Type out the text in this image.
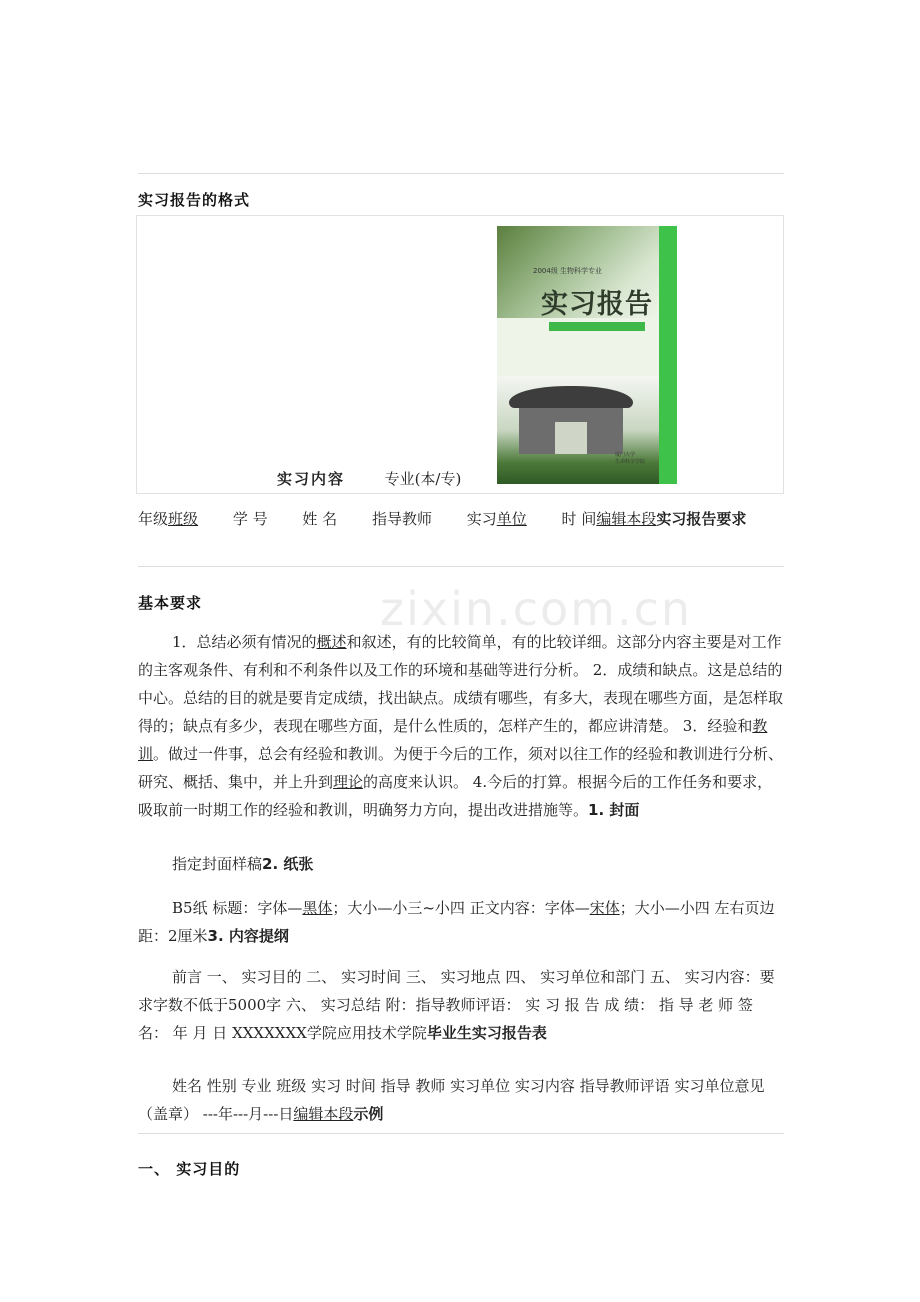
实习报告的格式
2004级 生物科学专业
实习报告
厦门大学
生命科学学院
实习内容	专业(本/专)
年级班级 学 号 姓 名 指导教师 实习单位 时 间编辑本段实习报告要求
基本要求	zixin.com.cn
1．总结必须有情况的概述和叙述，有的比较简单，有的比较详细。这部分内容主要是对工作的主客观条件、有利和不利条件以及工作的环境和基础等进行分析。 2．成绩和缺点。这是总结的中心。总结的目的就是要肯定成绩，找出缺点。成绩有哪些，有多大，表现在哪些方面，是怎样取得的；缺点有多少，表现在哪些方面，是什么性质的，怎样产生的，都应讲清楚。 3．经验和教训。做过一件事，总会有经验和教训。为便于今后的工作，须对以往工作的经验和教训进行分析、研究、概括、集中，并上升到理论的高度来认识。 4.今后的打算。根据今后的工作任务和要求，吸取前一时期工作的经验和教训，明确努力方向，提出改进措施等。1. 封面
指定封面样稿2. 纸张
B5纸 标题：字体—黑体；大小—小三~小四 正文内容：字体—宋体；大小—小四 左右页边距：2厘米3. 内容提纲
前言 一、 实习目的 二、 实习时间 三、 实习地点 四、 实习单位和部门 五、 实习内容：要求字数不低于5000字 六、 实习总结 附：指导教师评语： 实 习 报 告 成 绩： 指 导 老 师 签 名： 年 月 日 XXXXXXX学院应用技术学院毕业生实习报告表
姓名 性别 专业 班级 实习 时间 指导 教师 实习单位 实习内容 指导教师评语 实习单位意见 （盖章） ---年---月---日编辑本段示例
一、 实习目的
